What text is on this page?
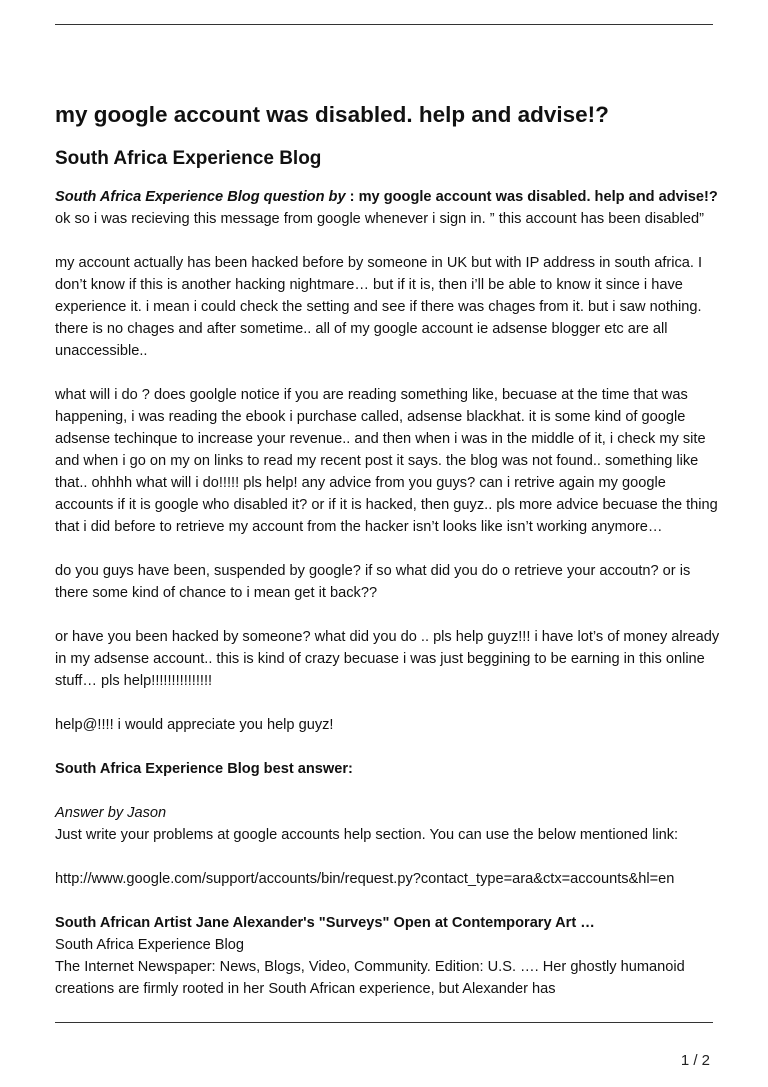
my google account was disabled. help and advise!?
South Africa Experience Blog

South Africa Experience Blog question by : my google account was disabled. help and advise!?

ok so i was recieving this message from google whenever i sign in. ” this account has been disabled”

my account actually has been hacked before by someone in UK but with IP address in south africa. I don’t know if this is another hacking nightmare… but if it is, then i’ll be able to know it since i have experience it. i mean i could check the setting and see if there was chages from it. but i saw nothing. there is no chages and after sometime.. all of my google account ie adsense blogger etc are all unaccessible..

what will i do ? does goolgle notice if you are reading something like, becuase at the time that was happening, i was reading the ebook i purchase called, adsense blackhat. it is some kind of google adsense techinque to increase your revenue.. and then when i was in the middle of it, i check my site and when i go on my on links to read my recent post it says. the blog was not found.. something like that.. ohhhh what will i do!!!!! pls help! any advice from you guys? can i retrive again my google accounts if it is google who disabled it? or if it is hacked, then guyz.. pls more advice becuase the thing that i did before to retrieve my account from the hacker isn’t looks like isn’t working anymore…

do you guys have been, suspended by google? if so what did you do o retrieve your accoutn? or is there some kind of chance to i mean get it back??

or have you been hacked by someone? what did you do .. pls help guyz!!! i have lot’s of money already in my adsense account.. this is kind of crazy becuase i was just beggining to be earning in this online stuff… pls help!!!!!!!!!!!!!!!

help@!!!! i would appreciate you help guyz!

South Africa Experience Blog best answer:

Answer by Jason

Just write your problems at google accounts help section. You can use the below mentioned link:

http://www.google.com/support/accounts/bin/request.py?contact_type=ara&ctx=accounts&hl=en

South African Artist Jane Alexander's "Surveys" Open at Contemporary Art …

South Africa Experience Blog

The Internet Newspaper: News, Blogs, Video, Community. Edition: U.S. …. Her ghostly humanoid creations are firmly rooted in her South African experience, but Alexander has

1 / 2
